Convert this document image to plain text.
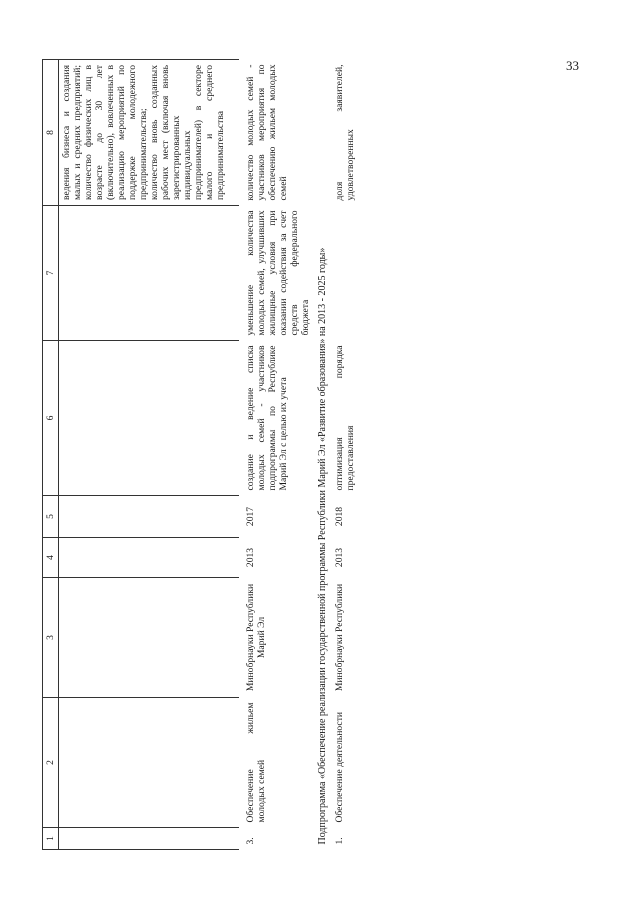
33
1	2	3	4	5	6	7	8
							ведения бизнеса и создания малых и средних предприятий; количество физических лиц в возрасте до 30 лет (включительно), вовлеченных в реализацию мероприятий по поддержке молодежного предпринимательства; количество вновь созданных рабочих мест (включая вновь зарегистрированных индивидуальных предпринимателей) в секторе малого и среднего предпринимательства
3.	Обеспечение жильем молодых семей	Минобрнауки Республики Марий Эл	2013	2017	создание и ведение списка молодых семей - участников подпрограммы по Республике Марий Эл с целью их учета	уменьшение количества молодых семей, улучшивших жилищные условия при оказании содействия за счет средств федерального бюджета	количество молодых семей - участников мероприятия по обеспечению жильем молодых семей
Подпрограмма «Обеспечение реализации государственной программы Республики Марий Эл «Развитие образования» на 2013 - 2025 годы»							
1.	Обеспечение деятельности	Минобрнауки Республики	2013	2018	оптимизация порядка предоставления		доля заявителей, удовлетворенных
